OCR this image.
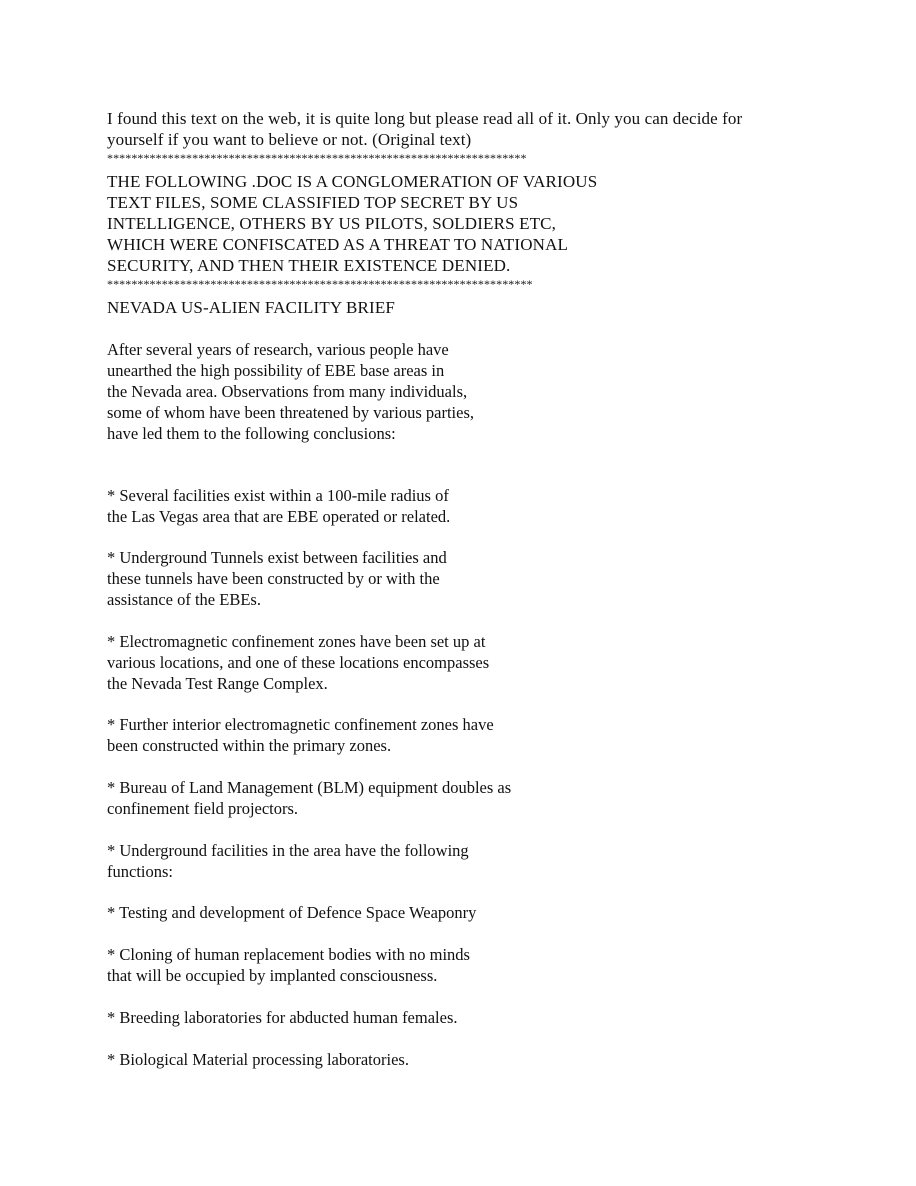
I found this text on the web, it is quite long but please read all of it. Only you can decide for
yourself if you want to believe or not. (Original text)
*********************************************************************
THE FOLLOWING .DOC IS A CONGLOMERATION OF VARIOUS
TEXT FILES, SOME CLASSIFIED TOP SECRET BY US
INTELLIGENCE, OTHERS BY US PILOTS, SOLDIERS ETC,
WHICH WERE CONFISCATED AS A THREAT TO NATIONAL
SECURITY, AND THEN THEIR EXISTENCE DENIED.
**********************************************************************
NEVADA US-ALIEN FACILITY BRIEF
After several years of research, various people have
unearthed the high possibility of EBE base areas in
the Nevada area. Observations from many individuals,
some of whom have been threatened by various parties,
have led them to the following conclusions:
* Several facilities exist within a 100-mile radius of
the Las Vegas area that are EBE operated or related.
* Underground Tunnels exist between facilities and
these tunnels have been constructed by or with the
assistance of the EBEs.
* Electromagnetic confinement zones have been set up at
various locations, and one of these locations encompasses
the Nevada Test Range Complex.
* Further interior electromagnetic confinement zones have
been constructed within the primary zones.
* Bureau of Land Management (BLM) equipment doubles as
confinement field projectors.
* Underground facilities in the area have the following
functions:
* Testing and development of Defence Space Weaponry
* Cloning of human replacement bodies with no minds
that will be occupied by implanted consciousness.
* Breeding laboratories for abducted human females.
* Biological Material processing laboratories.
